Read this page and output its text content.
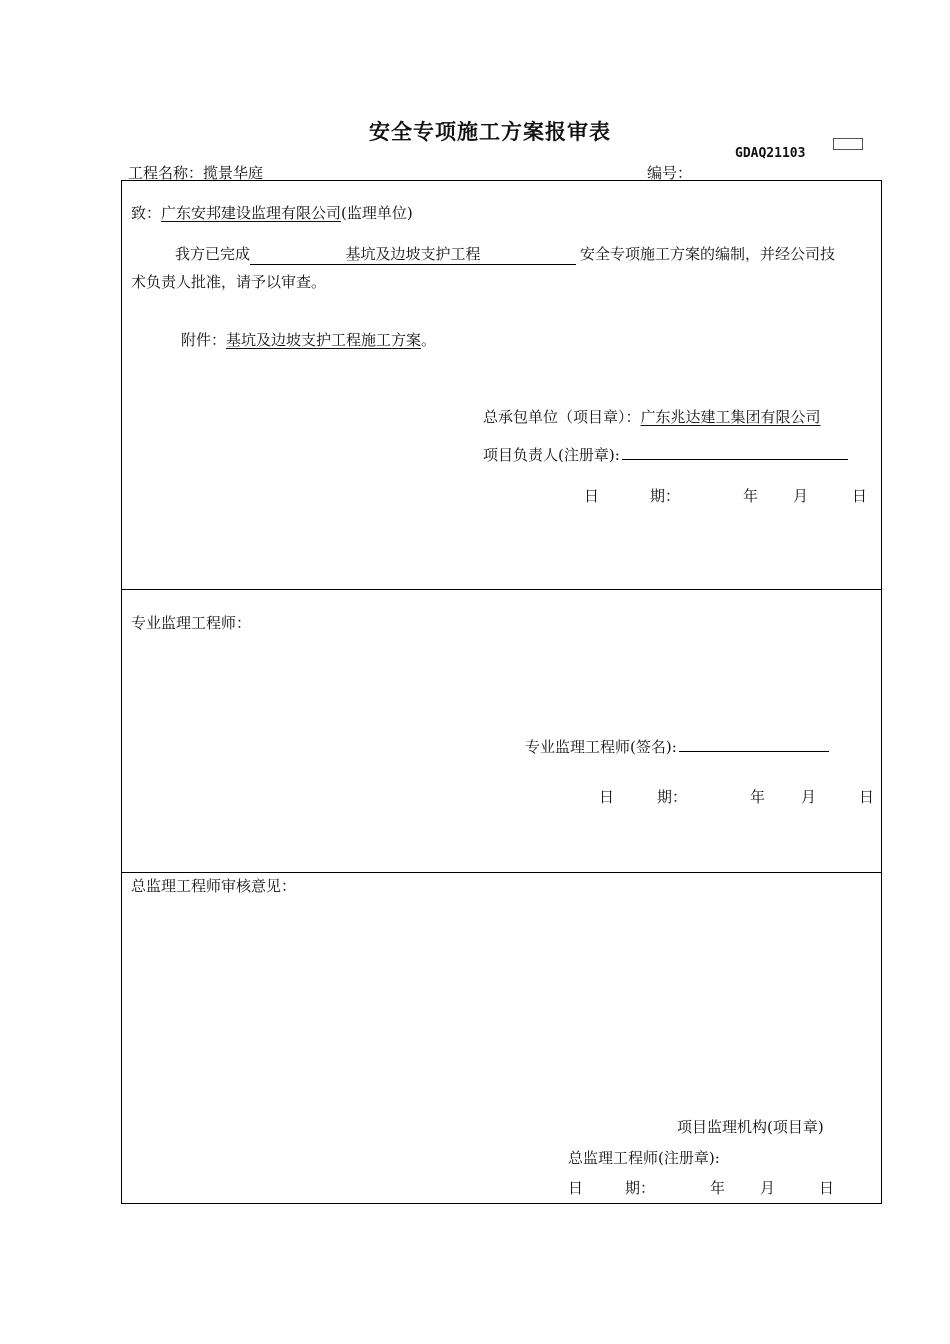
安全专项施工方案报审表
GDAQ21103
工程名称：揽景华庭	编号：
致：广东安邦建设监理有限公司(监理单位)
我方已完成	基坑及边坡支护工程	安全专项施工方案的编制，并经公司技
术负责人批准，请予以审查。
附件：基坑及边坡支护工程施工方案。
总承包单位（项目章）：广东兆达建工集团有限公司
项目负责人(注册章):
日	期：	年 月	日
专业监理工程师：
专业监理工程师(签名):
日	期：	年 月	日
总监理工程师审核意见：
项目监理机构(项目章)
总监理工程师(注册章):
日	期：	年 月	日
